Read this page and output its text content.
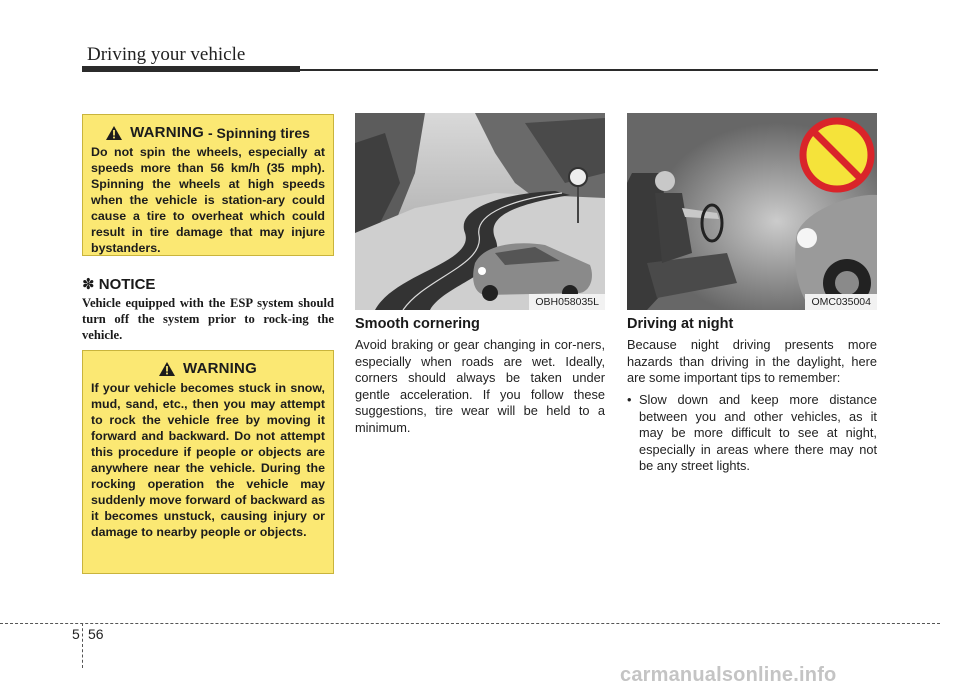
Driving your vehicle
WARNING - Spinning tires
Do not spin the wheels, especially at speeds more than 56 km/h (35 mph). Spinning the wheels at high speeds when the vehicle is station-ary could cause a tire to overheat which could result in tire damage that may injure bystanders.
✽ NOTICE
Vehicle equipped with the ESP system should turn off the system prior to rock-ing the vehicle.
WARNING
If your vehicle becomes stuck in snow, mud, sand, etc., then you may attempt to rock the vehicle free by moving it forward and backward. Do not attempt this procedure if people or objects are anywhere near the vehicle. During the rocking operation the vehicle may suddenly move forward of backward as it becomes unstuck, causing injury or damage to nearby people or objects.
OBH058035L	OMC035004
Smooth cornering
Avoid braking or gear changing in cor-ners, especially when roads are wet. Ideally, corners should always be taken under gentle acceleration. If you follow these suggestions, tire wear will be held to a minimum.
Driving at night
Because night driving presents more hazards than driving in the daylight, here are some important tips to remember:
• Slow down and keep more distance between you and other vehicles, as it may be more difficult to see at night, especially in areas where there may not be any street lights.
5 56
carmanualsonline.info
